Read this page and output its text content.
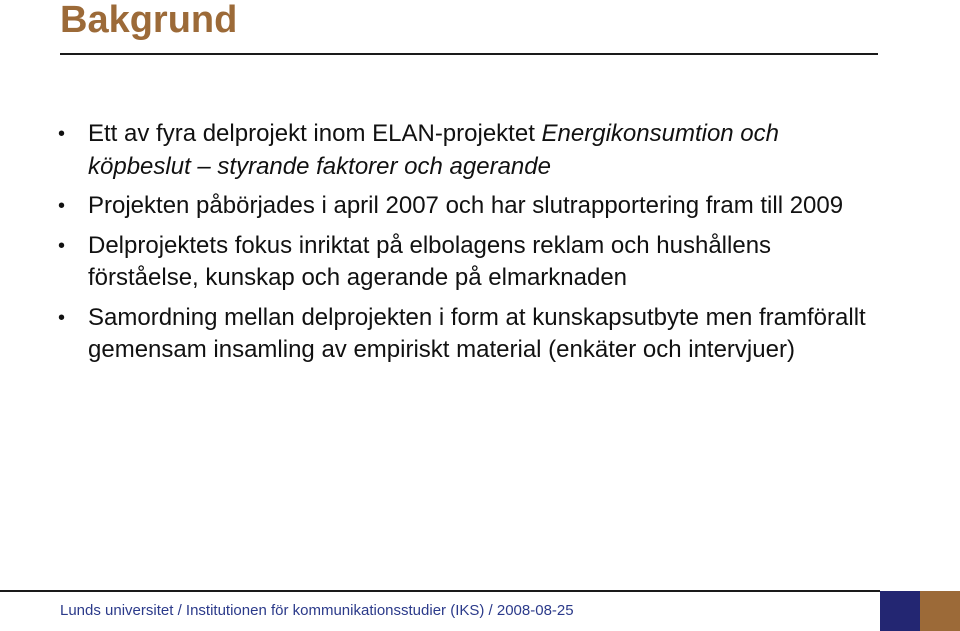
Bakgrund
• Ett av fyra delprojekt inom ELAN-projektet Energikonsumtion och köpbeslut – styrande faktorer och agerande
• Projekten påbörjades i april 2007 och har slutrapportering fram till 2009
• Delprojektets fokus inriktat på elbolagens reklam och hushållens förståelse, kunskap och agerande på elmarknaden
• Samordning mellan delprojekten i form at kunskapsutbyte men framförallt gemensam insamling av empiriskt material (enkäter och intervjuer)
Lunds universitet / Institutionen för kommunikationsstudier (IKS) / 2008-08-25
